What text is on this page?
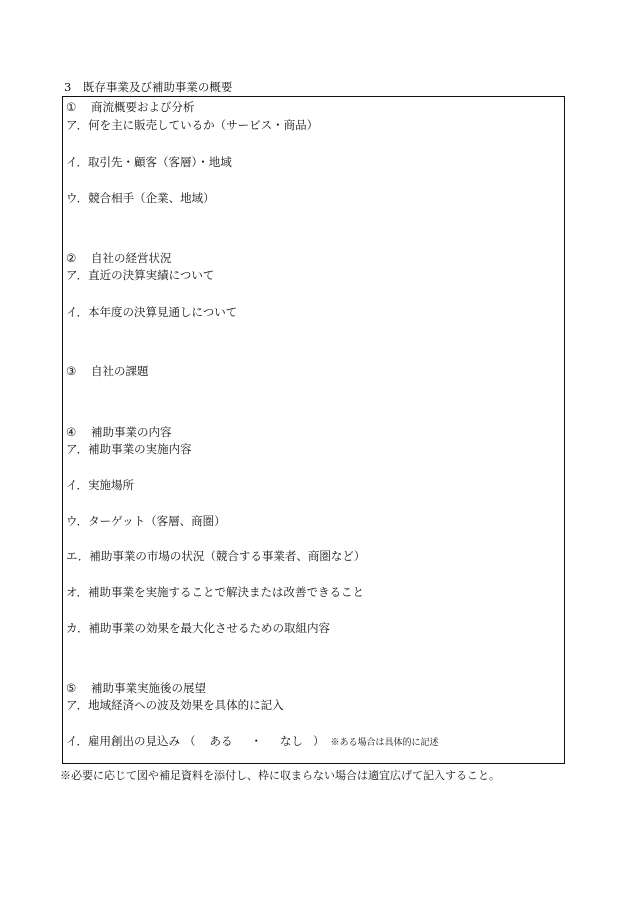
3　既存事業及び補助事業の概要
① 商流概要および分析
ア．何を主に販売しているか（サービス・商品）
イ．取引先・顧客（客層）・地域
ウ．競合相手（企業、地域）
② 自社の経営状況
ア．直近の決算実績について
イ．本年度の決算見通しについて
③ 自社の課題
④ 補助事業の内容
ア．補助事業の実施内容
イ．実施場所
ウ．ターゲット（客層、商圏）
エ．補助事業の市場の状況（競合する事業者、商圏など）
オ．補助事業を実施することで解決または改善できること
カ．補助事業の効果を最大化させるための取組内容
⑤ 補助事業実施後の展望
ア．地域経済への波及効果を具体的に記入
イ．雇用創出の見込み （ ある ・ なし ） ※ある場合は具体的に記述
※必要に応じて図や補足資料を添付し、枠に収まらない場合は適宜広げて記入すること。
